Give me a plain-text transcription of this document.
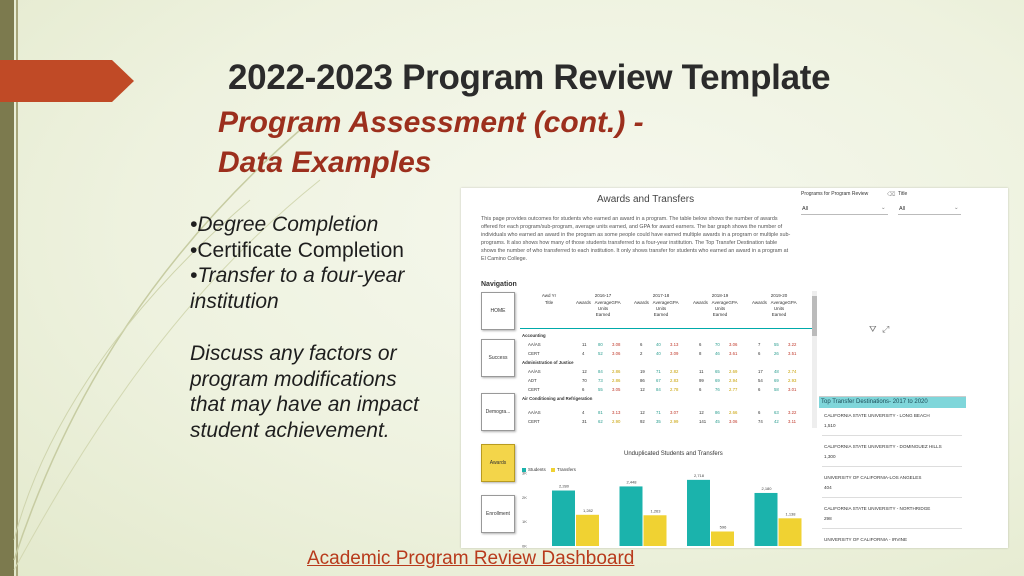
2022-2023 Program Review Template
Program Assessment (cont.) -
Data Examples
•Degree Completion
•Certificate Completion
•Transfer to a four-year
institution
Discuss any factors or
program modifications
that may have an impact
student achievement.
Awards and Transfers	Programs for Program Review	⌫ Title
All	⌄ All	⌄
This page provides outcomes for students who earned an award in a program. The table below shows the number of awards offered for each program/sub-program, average units earned, and GPA for award earners. The bar graph shows the number of individuals who earned an award in the program as some people could have earned multiple awards in a program or multiple sub-programs. It also shows how many of those students transferred to a four-year institution. The Top Transfer Destination table shows the number of who transferred to each institution. It only shows transfer for students who earned an award in a program at El Camino College.
Navigation
HOME
Success
Demogra...
Awards
Enrollment
Awd Yr
Title
2016-17
Awards Average Units Earned
GPA
2017-18
Awards Average Units Earned
GPA
2018-19
Awards Average Units Earned
GPA
2019-20
Awards Average Units Earned
GPA
Accounting
AA/AS	11	80 3.08	6	40 3.13	6	70 3.06	7	55 3.22
CERT	4	52 3.06	2	40 3.09	8	46 3.61	6	26 3.51
Administration of Justice
AA/AS	12	84 2.86	19	71 2.82	11	65 2.69	17	48 2.74
ADT	70	73 2.86	86	67 2.83	99	69 2.94	54	69 2.93
CERT	6	55 3.05	12	84 2.78	6	76 2.77	6	58 3.01
Air Conditioning and Refrigeration
AA/AS	4	81 3.13	12	71 3.07	12	86 2.66	6	63 3.22
CERT	31	62 2.90	92	35 2.99	141 45 3.06	74	42 3.11
Unduplicated Students and Transfers
Students	Transfers
3K
2K
1K
0K
2,280
1,282
2,448
1,263
2,718
596
2,180
1,138
⛛ ⤢
Top Transfer Destinations- 2017 to 2020
CALIFORNIA STATE UNIVERSITY - LONG BEACH
1,510
CALIFORNIA STATE UNIVERSITY - DOMINGUEZ HILLS
1,300
UNIVERSITY OF CALIFORNIA-LOS ANGELES
404
CALIFORNIA STATE UNIVERSITY - NORTHRIDGE
298
UNIVERSITY OF CALIFORNIA - IRVINE
Academic Program Review Dashboard
